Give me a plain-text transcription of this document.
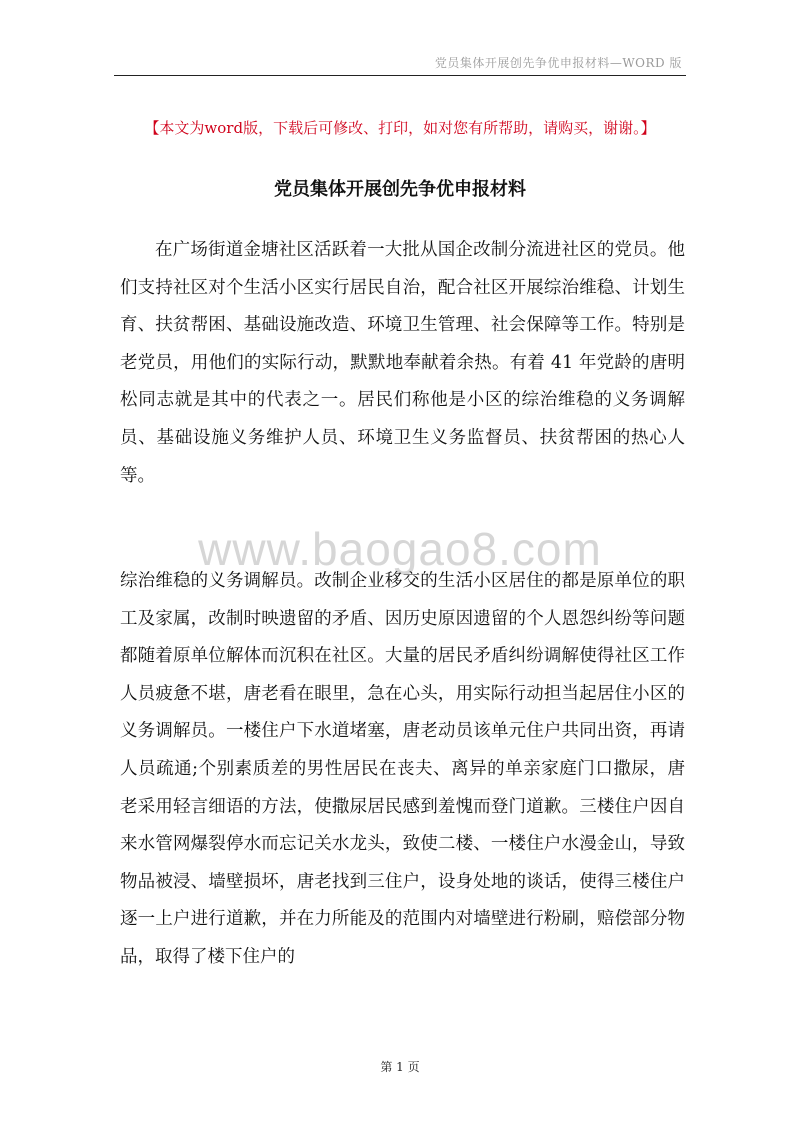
党员集体开展创先争优申报材料—WORD 版
【本文为word版，下载后可修改、打印，如对您有所帮助，请购买，谢谢。】
党员集体开展创先争优申报材料

在广场街道金塘社区活跃着一大批从国企改制分流进社区的党员。他们支持社区对个生活小区实行居民自治，配合社区开展综治维稳、计划生育、扶贫帮困、基础设施改造、环境卫生管理、社会保障等工作。特别是老党员，用他们的实际行动，默默地奉献着余热。有着 41 年党龄的唐明松同志就是其中的代表之一。居民们称他是小区的综治维稳的义务调解员、基础设施义务维护人员、环境卫生义务监督员、扶贫帮困的热心人等。

www.baogao8.com

综治维稳的义务调解员。改制企业移交的生活小区居住的都是原单位的职工及家属，改制时映遗留的矛盾、因历史原因遗留的个人恩怨纠纷等问题都随着原单位解体而沉积在社区。大量的居民矛盾纠纷调解使得社区工作人员疲惫不堪，唐老看在眼里，急在心头，用实际行动担当起居住小区的义务调解员。一楼住户下水道堵塞，唐老动员该单元住户共同出资，再请人员疏通;个别素质差的男性居民在丧夫、离异的单亲家庭门口撒尿，唐老采用轻言细语的方法，使撒尿居民感到羞愧而登门道歉。三楼住户因自来水管网爆裂停水而忘记关水龙头，致使二楼、一楼住户水漫金山，导致物品被浸、墙壁损坏，唐老找到三住户，设身处地的谈话，使得三楼住户逐一上户进行道歉，并在力所能及的范围内对墙壁进行粉刷，赔偿部分物品，取得了楼下住户的

第 1 页
